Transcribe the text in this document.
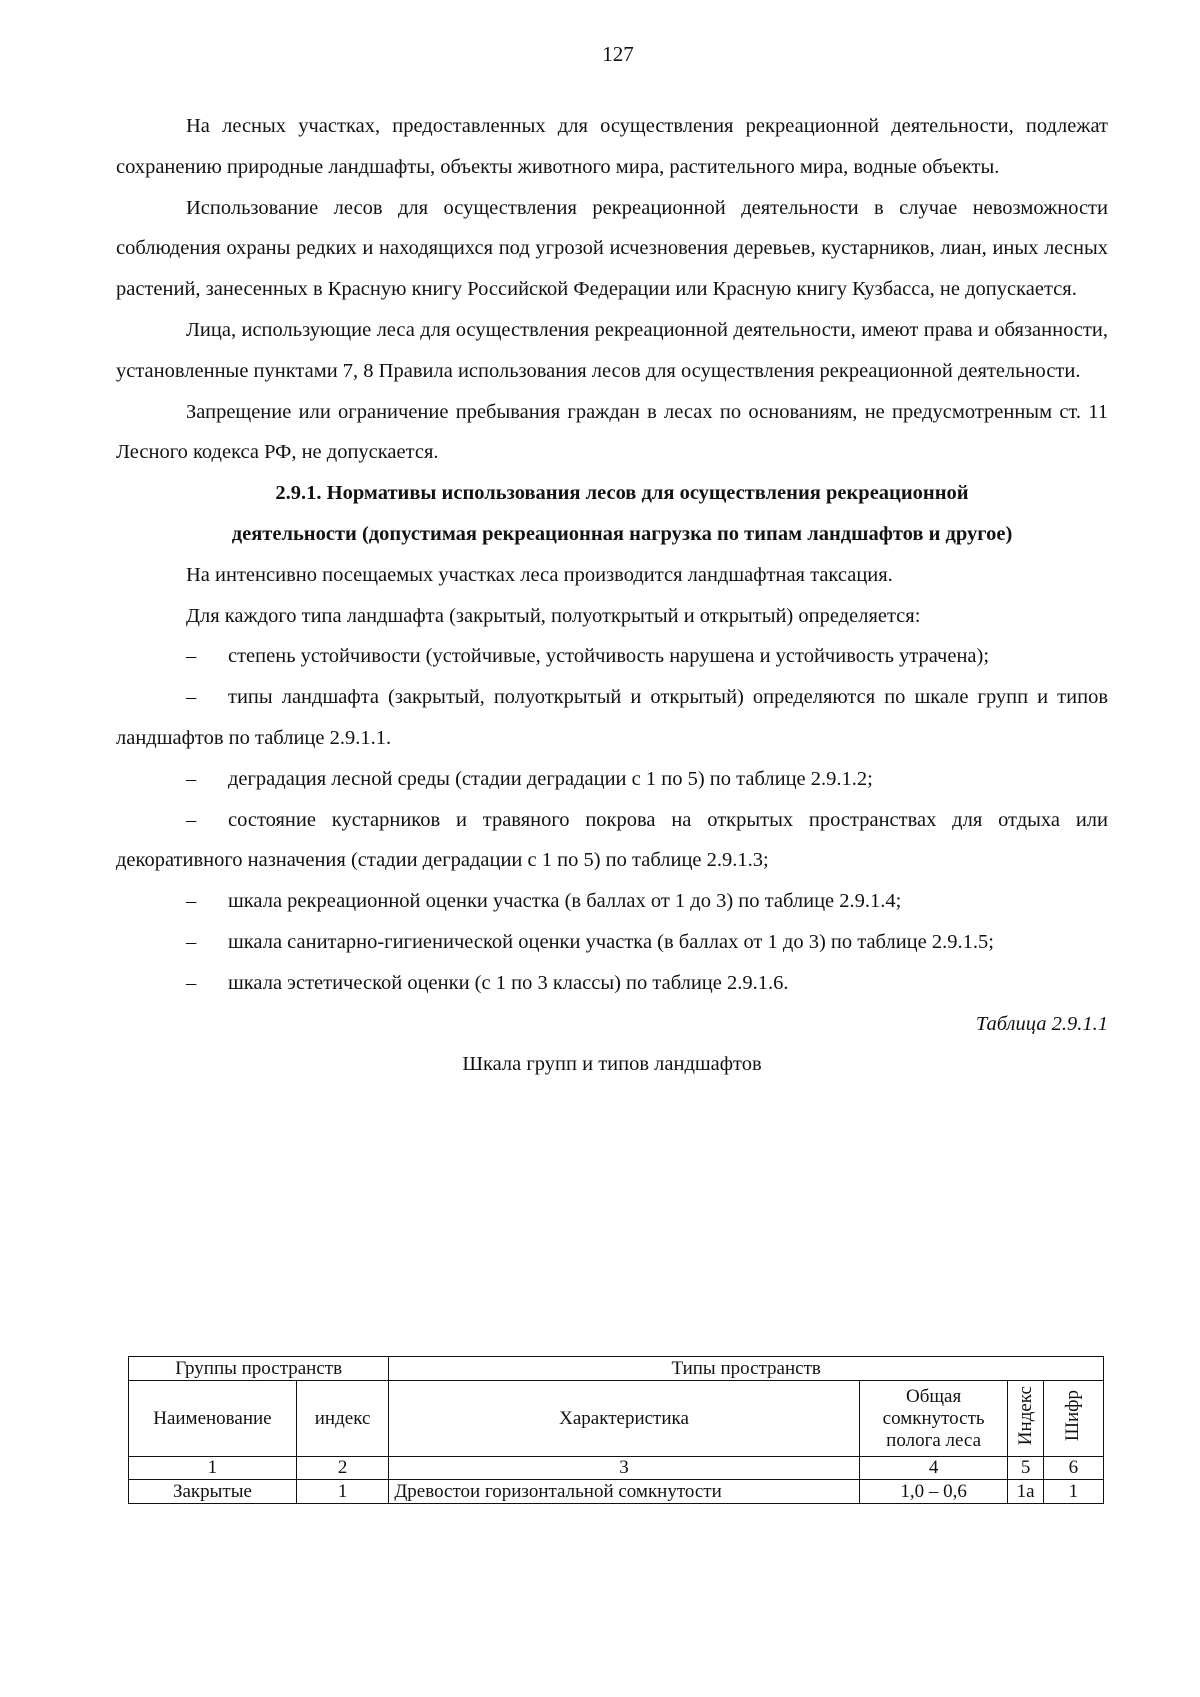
127

На лесных участках, предоставленных для осуществления рекреационной деятельности, подлежат сохранению природные ландшафты, объекты животного мира, растительного мира, водные объекты.

Использование лесов для осуществления рекреационной деятельности в случае невозможности соблюдения охраны редких и находящихся под угрозой исчезновения деревьев, кустарников, лиан, иных лесных растений, занесенных в Красную книгу Российской Федерации или Красную книгу Кузбасса, не допускается.

Лица, использующие леса для осуществления рекреационной деятельности, имеют права и обязанности, установленные пунктами 7, 8 Правила использования лесов для осуществления рекреационной деятельности.

Запрещение или ограничение пребывания граждан в лесах по основаниям, не предусмотренным ст. 11 Лесного кодекса РФ, не допускается.

2.9.1. Нормативы использования лесов для осуществления рекреационной
деятельности (допустимая рекреационная нагрузка по типам ландшафтов и другое)

На интенсивно посещаемых участках леса производится ландшафтная таксация.

Для каждого типа ландшафта (закрытый, полуоткрытый и открытый) определяется:

– степень устойчивости (устойчивые, устойчивость нарушена и устойчивость утрачена);

– типы ландшафта (закрытый, полуоткрытый и открытый) определяются по шкале групп и типов ландшафтов по таблице 2.9.1.1.

– деградация лесной среды (стадии деградации с 1 по 5) по таблице 2.9.1.2;

– состояние кустарников и травяного покрова на открытых пространствах для отдыха или декоративного назначения (стадии деградации с 1 по 5) по таблице 2.9.1.3;

– шкала рекреационной оценки участка (в баллах от 1 до 3) по таблице 2.9.1.4;

– шкала санитарно-гигиенической оценки участка (в баллах от 1 до 3) по таблице 2.9.1.5;

– шкала эстетической оценки (с 1 по 3 классы) по таблице 2.9.1.6.

Таблица 2.9.1.1

Шкала групп и типов ландшафтов

Группы пространств		Типы пространств			
Наименование	индекс	Характеристика	Общая сомкнутость полога леса	Индекс	Шифр
1	2	3	4	5	6
Закрытые	1	Древостои горизонтальной сомкнутости	1,0 – 0,6	1а	1
